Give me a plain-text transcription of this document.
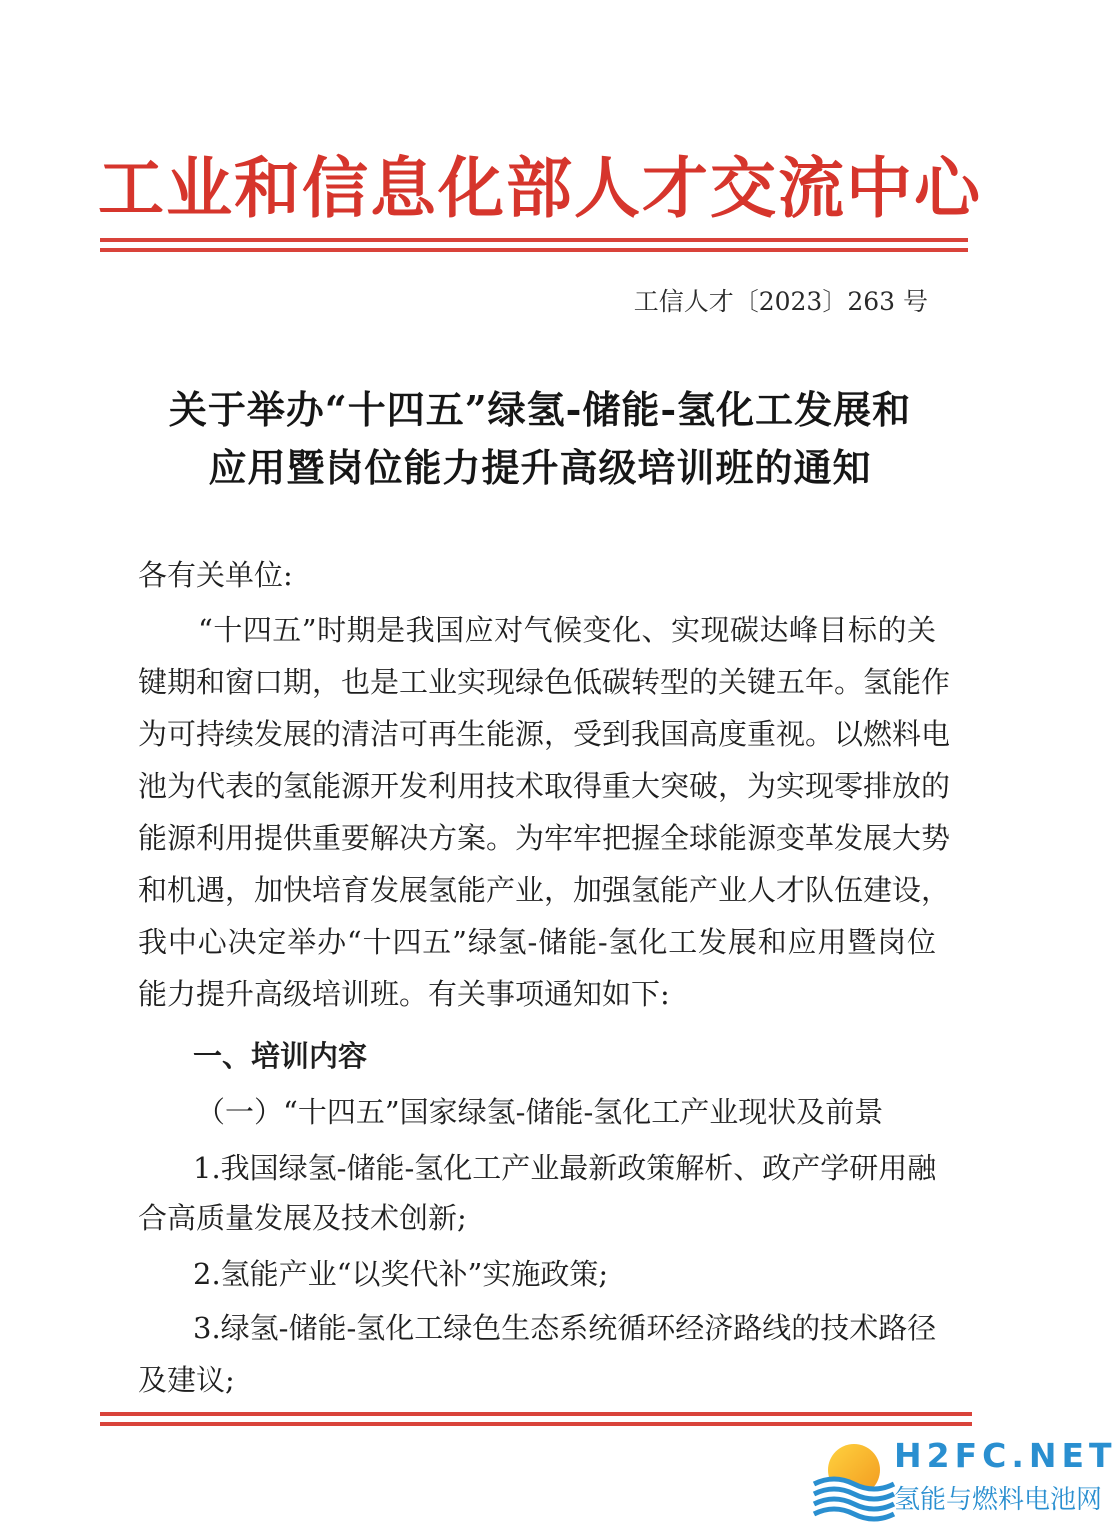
工业和信息化部人才交流中心
工信人才〔2023〕263 号
关于举办“十四五”绿氢-储能-氢化工发展和
应用暨岗位能力提升高级培训班的通知
各有关单位:
“十四五”时期是我国应对气候变化、实现碳达峰目标的关
键期和窗口期，也是工业实现绿色低碳转型的关键五年。氢能作
为可持续发展的清洁可再生能源，受到我国高度重视。以燃料电
池为代表的氢能源开发利用技术取得重大突破，为实现零排放的
能源利用提供重要解决方案。为牢牢把握全球能源变革发展大势
和机遇，加快培育发展氢能产业，加强氢能产业人才队伍建设，
我中心决定举办“十四五”绿氢-储能-氢化工发展和应用暨岗位
能力提升高级培训班。有关事项通知如下:
一、培训内容
（一）“十四五”国家绿氢-储能-氢化工产业现状及前景
1.我国绿氢-储能-氢化工产业最新政策解析、政产学研用融
合高质量发展及技术创新;
2.氢能产业“以奖代补”实施政策;
3.绿氢-储能-氢化工绿色生态系统循环经济路线的技术路径
及建议;
H2FC.NET
氢能与燃料电池网
